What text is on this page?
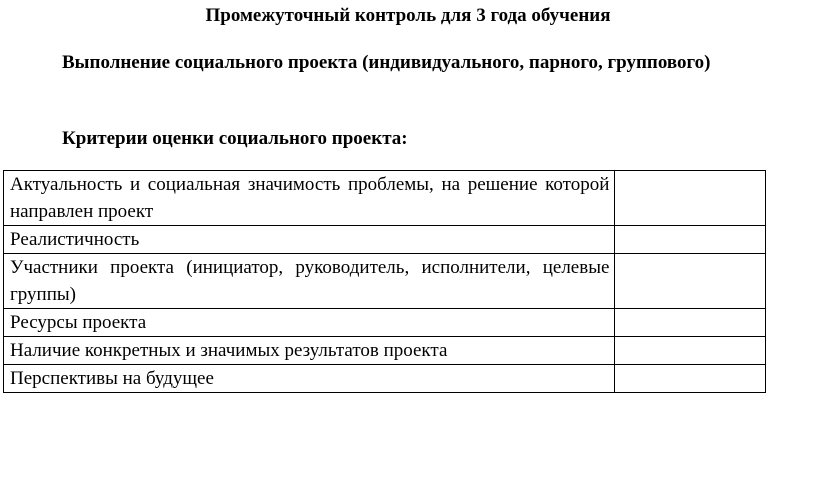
Промежуточный контроль для 3 года обучения
Выполнение социального проекта (индивидуального, парного, группового)
Критерии оценки социального проекта:
Актуальность и социальная значимость проблемы, на решение которой направлен проект	
Реалистичность	
Участники проекта (инициатор, руководитель, исполнители, целевые группы)	
Ресурсы проекта	
Наличие конкретных и значимых результатов проекта	
Перспективы на будущее	
